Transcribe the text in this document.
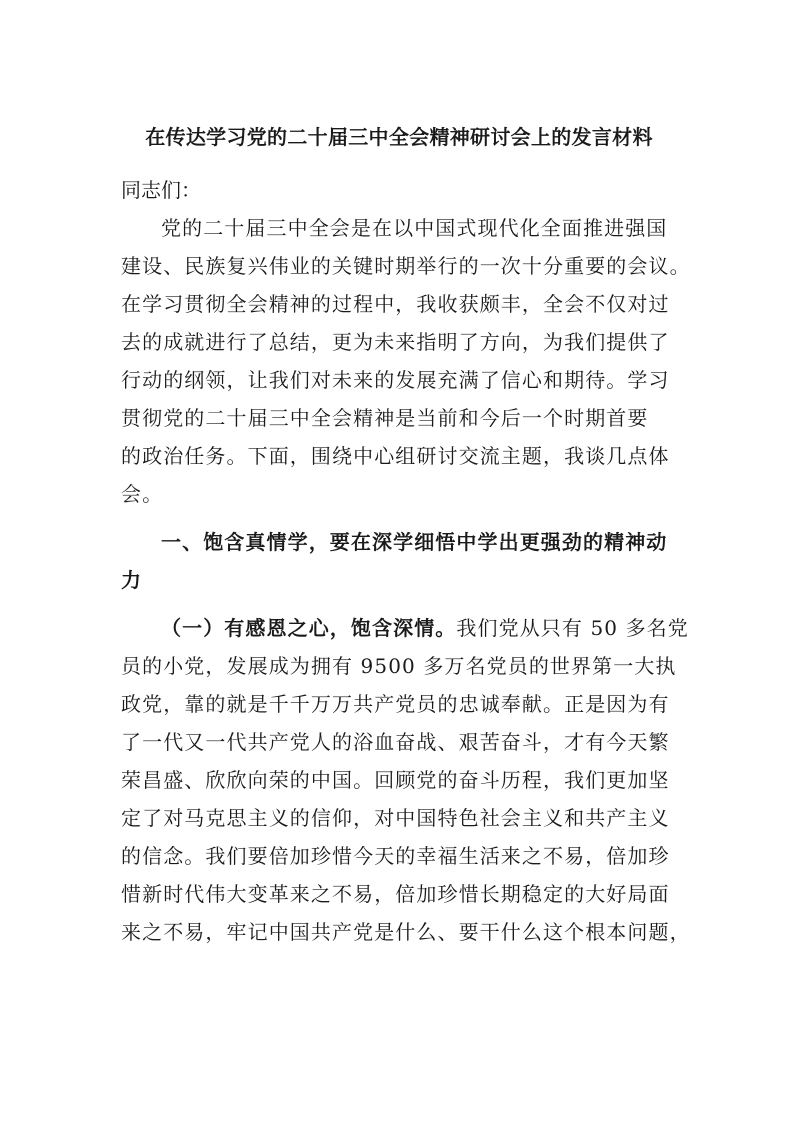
在传达学习党的二十届三中全会精神研讨会上的发言材料

同志们：

党的二十届三中全会是在以中国式现代化全面推进强国
建设、民族复兴伟业的关键时期举行的一次十分重要的会议。
在学习贯彻全会精神的过程中，我收获颇丰，全会不仅对过
去的成就进行了总结，更为未来指明了方向，为我们提供了
行动的纲领，让我们对未来的发展充满了信心和期待。学习
贯彻党的二十届三中全会精神是当前和今后一个时期首要
的政治任务。下面，围绕中心组研讨交流主题，我谈几点体
会。

一、饱含真情学，要在深学细悟中学出更强劲的精神动
力

（一）有感恩之心，饱含深情。我们党从只有 50 多名党
员的小党，发展成为拥有 9500 多万名党员的世界第一大执
政党，靠的就是千千万万共产党员的忠诚奉献。正是因为有
了一代又一代共产党人的浴血奋战、艰苦奋斗，才有今天繁
荣昌盛、欣欣向荣的中国。回顾党的奋斗历程，我们更加坚
定了对马克思主义的信仰，对中国特色社会主义和共产主义
的信念。我们要倍加珍惜今天的幸福生活来之不易，倍加珍
惜新时代伟大变革来之不易，倍加珍惜长期稳定的大好局面
来之不易，牢记中国共产党是什么、要干什么这个根本问题，
